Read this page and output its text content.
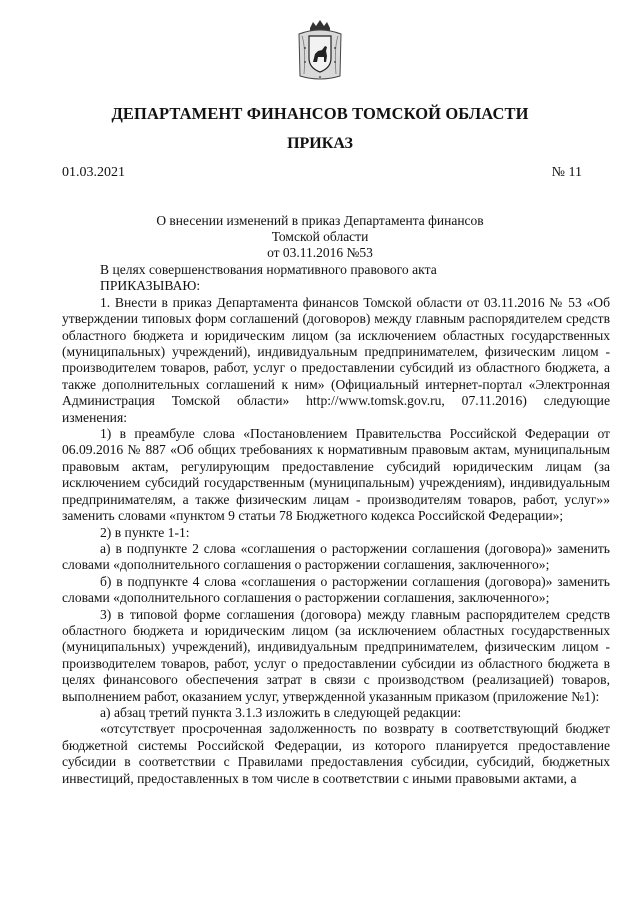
ДЕПАРТАМЕНТ ФИНАНСОВ ТОМСКОЙ ОБЛАСТИ
ПРИКАЗ
01.03.2021	№ 11
О внесении изменений в приказ Департамента финансов Томской области
от 03.11.2016 №53

В целях совершенствования нормативного правового акта

ПРИКАЗЫВАЮ:

1. Внести в приказ Департамента финансов Томской области от 03.11.2016 № 53 «Об утверждении типовых форм соглашений (договоров) между главным распорядителем средств областного бюджета и юридическим лицом (за исключением областных государственных (муниципальных) учреждений), индивидуальным предпринимателем, физическим лицом - производителем товаров, работ, услуг о предоставлении субсидий из областного бюджета, а также дополнительных соглашений к ним» (Официальный интернет-портал «Электронная Администрация Томской области» http://www.tomsk.gov.ru, 07.11.2016) следующие изменения:

1) в преамбуле слова «Постановлением Правительства Российской Федерации от 06.09.2016 № 887 «Об общих требованиях к нормативным правовым актам, муниципальным правовым актам, регулирующим предоставление субсидий юридическим лицам (за исключением субсидий государственным (муниципальным) учреждениям), индивидуальным предпринимателям, а также физическим лицам - производителям товаров, работ, услуг»» заменить словами «пунктом 9 статьи 78 Бюджетного кодекса Российской Федерации»;

2) в пункте 1-1:

а) в подпункте 2 слова «соглашения о расторжении соглашения (договора)» заменить словами «дополнительного соглашения о расторжении соглашения, заключенного»;

б) в подпункте 4 слова «соглашения о расторжении соглашения (договора)» заменить словами «дополнительного соглашения о расторжении соглашения, заключенного»;

3) в типовой форме соглашения (договора) между главным распорядителем средств областного бюджета и юридическим лицом (за исключением областных государственных (муниципальных) учреждений), индивидуальным предпринимателем, физическим лицом - производителем товаров, работ, услуг о предоставлении субсидии из областного бюджета в целях финансового обеспечения затрат в связи с производством (реализацией) товаров, выполнением работ, оказанием услуг, утвержденной указанным приказом (приложение №1):

а) абзац третий пункта 3.1.3 изложить в следующей редакции:

«отсутствует просроченная задолженность по возврату в соответствующий бюджет бюджетной системы Российской Федерации, из которого планируется предоставление субсидии в соответствии с Правилами предоставления субсидии, субсидий, бюджетных инвестиций, предоставленных в том числе в соответствии с иными правовыми актами, а
